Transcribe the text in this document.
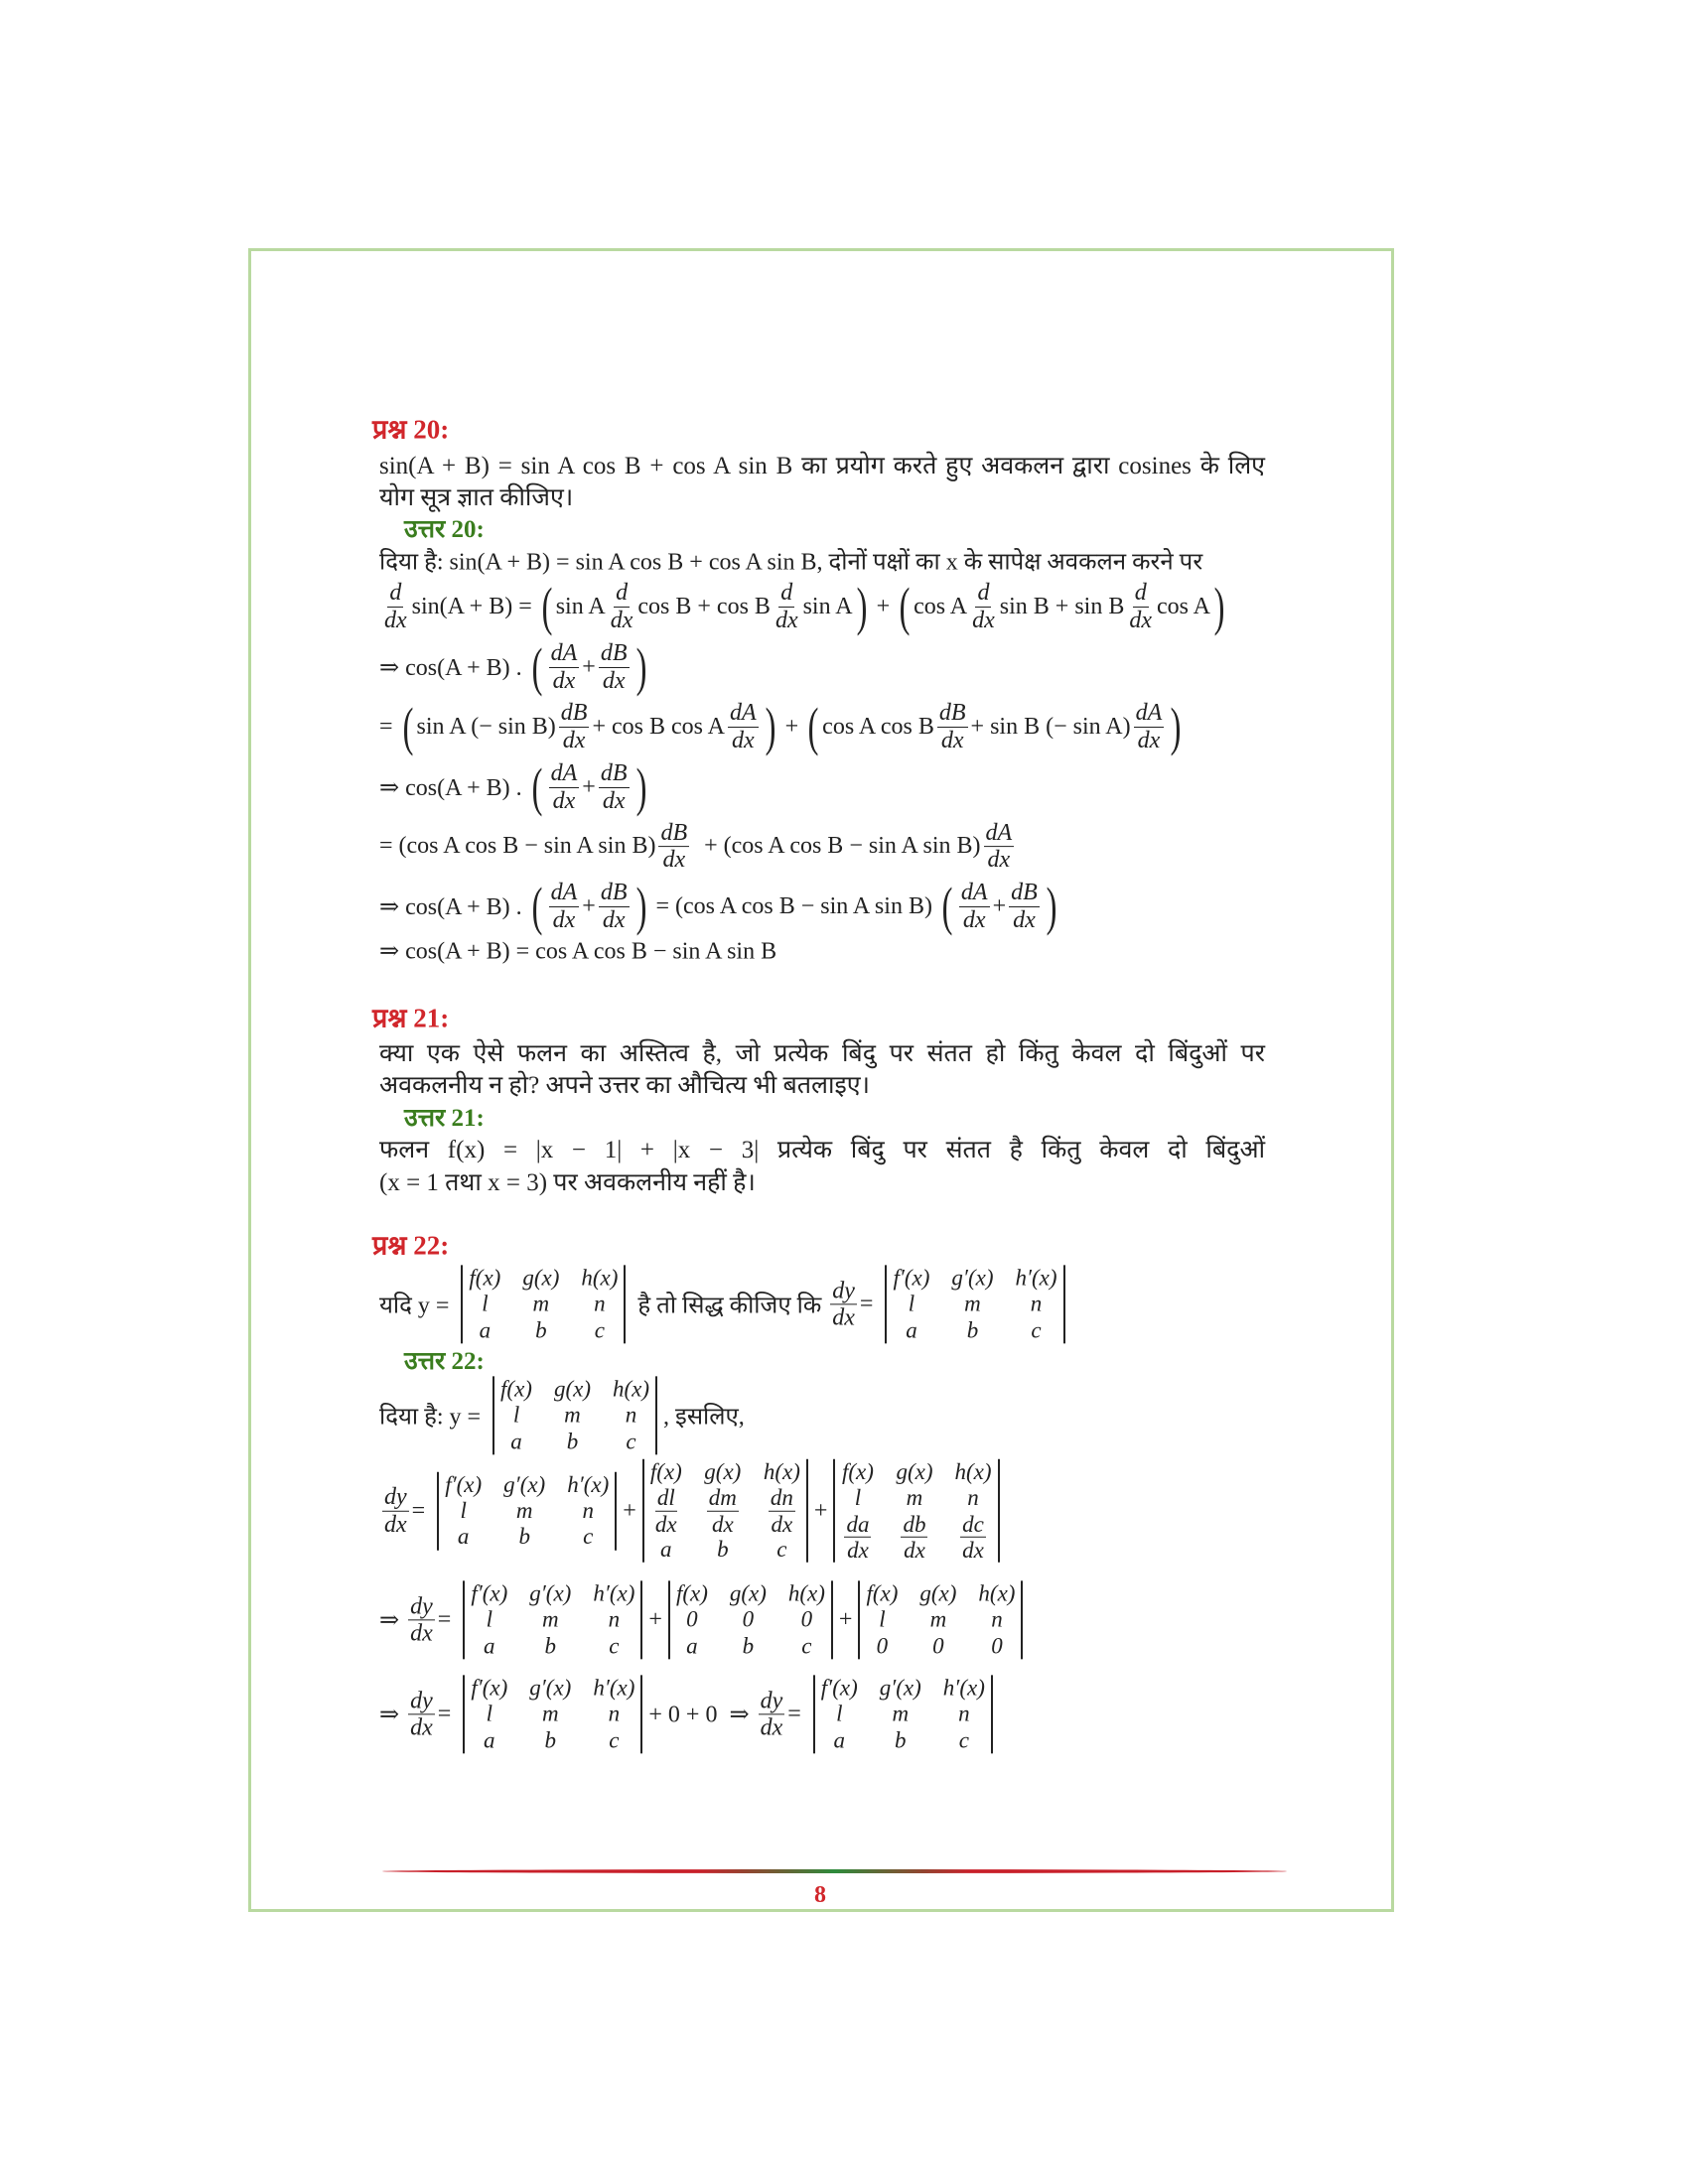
प्रश्न 20:
sin(A + B) = sin A cos B + cos A sin B का प्रयोग करते हुए अवकलन द्वारा cosines के लिए
योग सूत्र ज्ञात कीजिए।
उत्तर 20:
दिया है: sin(A + B) = sin A cos B + cos A sin B, दोनों पक्षों का x के सापेक्ष अवकलन करने पर
$\frac{d}{dx} \sin(A + B)$ = ( sin A $\frac{d}{dx}$ cos B + cos B $\frac{d}{dx}$ sin A ) + ( cos A $\frac{d}{dx}$ sin B + sin B $\frac{d}{dx}$ cos A )
⇒ cos(A + B) . ( $\frac{dA}{dx} + \frac{dB}{dx}$ )
= ( sin A (− $\sin B) \frac{dB}{dx} + \cos B$ cos A $\frac{dA}{dx}$ ) + ( cos A cos B $\frac{dB}{dx} + \sin B$ (− $\sin A) \frac{dA}{dx}$ )
⇒ cos(A + B) . ( $\frac{dA}{dx} + \frac{dB}{dx}$ )
= (cos A cos B − sin A $\sin B) \frac{dB}{dx} + (\cos$ A cos B − sin A $\sin B) \frac{dA}{dx}$
⇒ cos(A + B) . ( $\frac{dA}{dx} + \frac{dB}{dx}$ ) = (cos A cos B − sin A sin B) ( $\frac{dA}{dx} + \frac{dB}{dx}$ )
⇒ cos(A + B) = cos A cos B − sin A sin B
प्रश्न 21:
क्या एक ऐसे फलन का अस्तित्व है, जो प्रत्येक बिंदु पर संतत हो किंतु केवल दो बिंदुओं पर
अवकलनीय न हो? अपने उत्तर का औचित्य भी बतलाइए।
उत्तर 21:
फलन f(x) = |x − 1| + |x − 3| प्रत्येक बिंदु पर संतत है किंतु केवल दो बिंदुओं
(x = 1 तथा x = 3) पर अवकलनीय नहीं है।
प्रश्न 22:
यदि y =
f(x) g(x) h(x)
l m n
a b c
है तो सिद्ध कीजिए कि $\frac{dy}{dx}$ =
f′(x) g′(x) h′(x)
l m n
a b c
उत्तर 22:
दिया है: y =
f(x) g(x) h(x)
l m n
a b c
, इसलिए,
$\frac{dy}{dx}$ =
f′(x) g′(x) h′(x)
l m n
a b c
+
f(x) g(x) h(x)
$\frac{dl}{dx} \frac{dm}{dx} \frac{dn}{dx}$
a b c
+
f(x) g(x) h(x)
l m n
$\frac{da}{dx} \frac{db}{dx} \frac{dc}{dx}$
⇒ $\frac{dy}{dx}$ =
f′(x) g′(x) h′(x)
l m n
a b c
+
f(x) g(x) h(x)
0 0 0
a b c
+
f(x) g(x) h(x)
l m n
0 0 0
⇒ $\frac{dy}{dx}$ =
f′(x) g′(x) h′(x)
l m n
a b c
+ 0 + 0  ⇒ $\frac{dy}{dx}$ =
f′(x) g′(x) h′(x)
l m n
a b c
8
